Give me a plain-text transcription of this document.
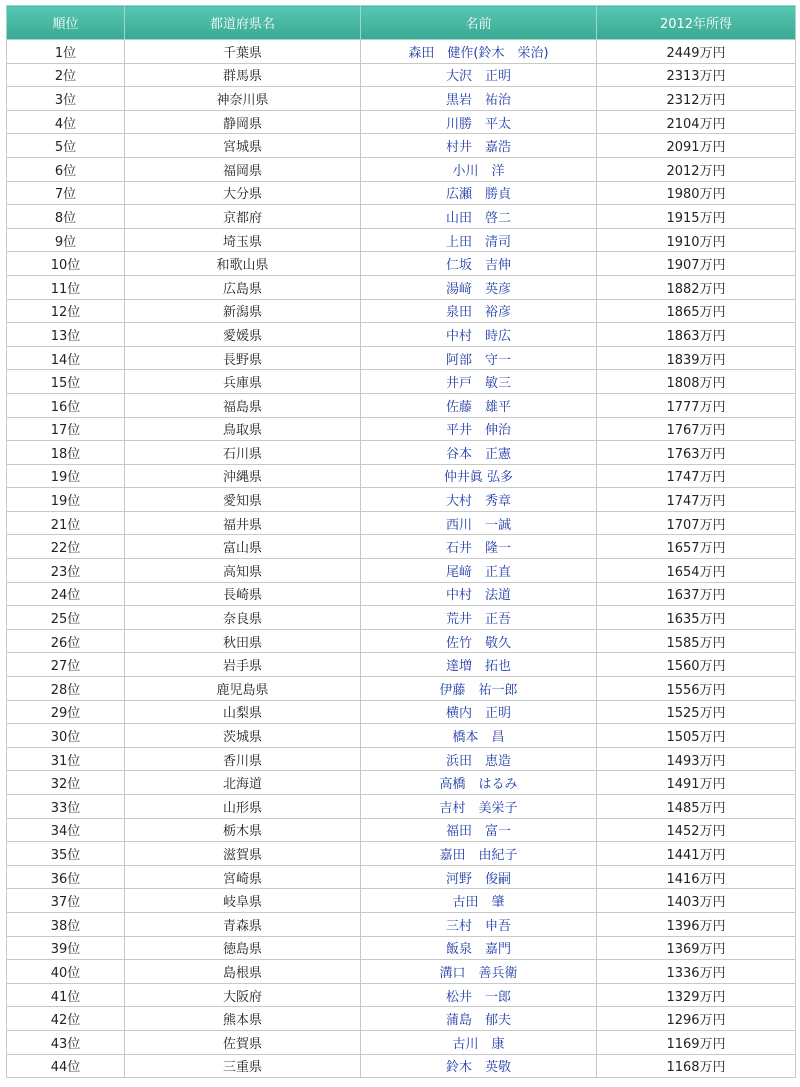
順位	都道府県名	名前	2012年所得
1位	千葉県	森田　健作(鈴木　栄治)	2449万円
2位	群馬県	大沢　正明	2313万円
3位	神奈川県	黒岩　祐治	2312万円
4位	静岡県	川勝　平太	2104万円
5位	宮城県	村井　嘉浩	2091万円
6位	福岡県	小川　洋	2012万円
7位	大分県	広瀬　勝貞	1980万円
8位	京都府	山田　啓二	1915万円
9位	埼玉県	上田　清司	1910万円
10位	和歌山県	仁坂　吉伸	1907万円
11位	広島県	湯﨑　英彦	1882万円
12位	新潟県	泉田　裕彦	1865万円
13位	愛媛県	中村　時広	1863万円
14位	長野県	阿部　守一	1839万円
15位	兵庫県	井戸　敏三	1808万円
16位	福島県	佐藤　雄平	1777万円
17位	鳥取県	平井　伸治	1767万円
18位	石川県	谷本　正憲	1763万円
19位	沖縄県	仲井眞 弘多	1747万円
19位	愛知県	大村　秀章	1747万円
21位	福井県	西川　一誠	1707万円
22位	富山県	石井　隆一	1657万円
23位	高知県	尾﨑　正直	1654万円
24位	長崎県	中村　法道	1637万円
25位	奈良県	荒井　正吾	1635万円
26位	秋田県	佐竹　敬久	1585万円
27位	岩手県	達増　拓也	1560万円
28位	鹿児島県	伊藤　祐一郎	1556万円
29位	山梨県	横内　正明	1525万円
30位	茨城県	橋本　昌	1505万円
31位	香川県	浜田　恵造	1493万円
32位	北海道	高橋　はるみ	1491万円
33位	山形県	吉村　美栄子	1485万円
34位	栃木県	福田　富一	1452万円
35位	滋賀県	嘉田　由紀子	1441万円
36位	宮崎県	河野　俊嗣	1416万円
37位	岐阜県	古田　肇	1403万円
38位	青森県	三村　申吾	1396万円
39位	徳島県	飯泉　嘉門	1369万円
40位	島根県	溝口　善兵衛	1336万円
41位	大阪府	松井　一郎	1329万円
42位	熊本県	蒲島　郁夫	1296万円
43位	佐賀県	古川　康	1169万円
44位	三重県	鈴木　英敬	1168万円
